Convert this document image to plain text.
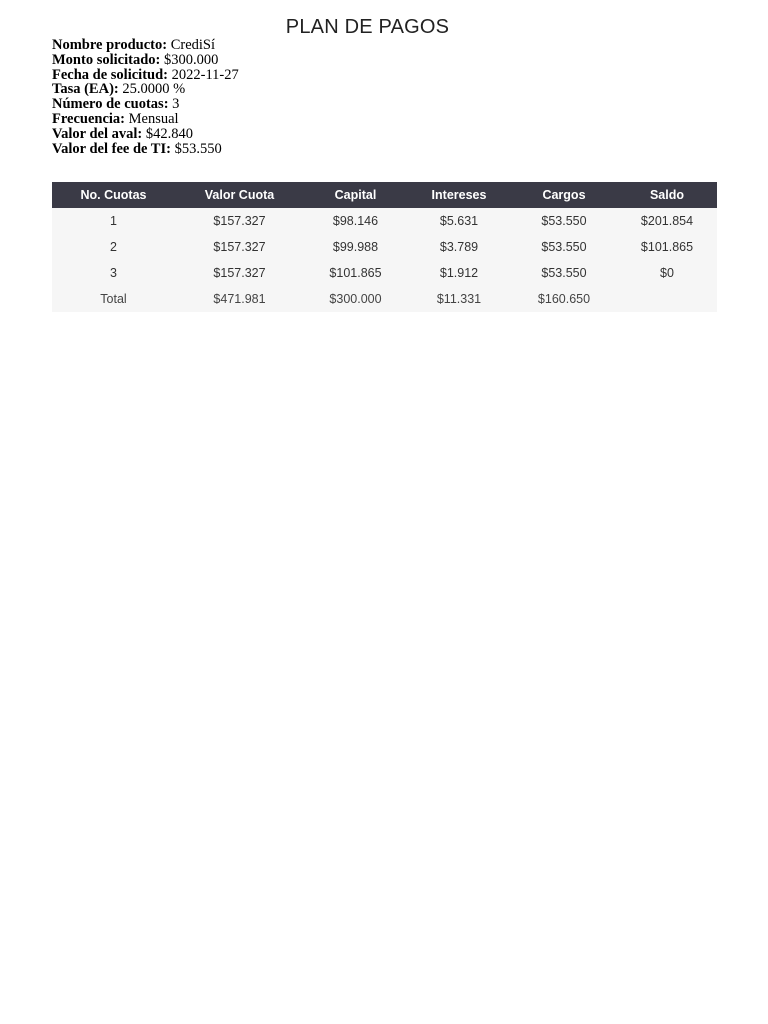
PLAN DE PAGOS
Nombre producto: CrediSí
Monto solicitado: $300.000
Fecha de solicitud: 2022-11-27
Tasa (EA): 25.0000 %
Número de cuotas: 3
Frecuencia: Mensual
Valor del aval: $42.840
Valor del fee de TI: $53.550
No. Cuotas	Valor Cuota	Capital	Intereses	Cargos	Saldo
1	$157.327	$98.146	$5.631	$53.550	$201.854
2	$157.327	$99.988	$3.789	$53.550	$101.865
3	$157.327	$101.865	$1.912	$53.550	$0
Total	$471.981	$300.000	$11.331	$160.650	
